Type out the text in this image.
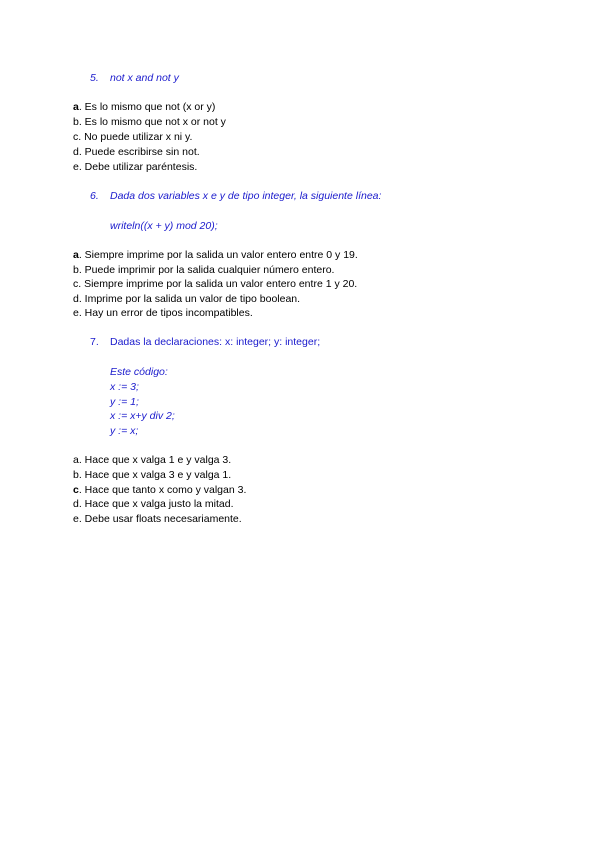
5. not x and not y
a. Es lo mismo que not (x or y)
b. Es lo mismo que not x or not y
c. No puede utilizar x ni y.
d. Puede escribirse sin not.
e. Debe utilizar paréntesis.
6. Dada dos variables x e y de tipo integer, la siguiente línea:
writeln((x + y) mod 20);
a. Siempre imprime por la salida un valor entero entre 0 y 19.
b. Puede imprimir por la salida cualquier número entero.
c. Siempre imprime por la salida un valor entero entre 1 y 20.
d. Imprime por la salida un valor de tipo boolean.
e. Hay un error de tipos incompatibles.
7. Dadas la declaraciones: x: integer; y: integer;
Este código:
x := 3;
y := 1;
x := x+y div 2;
y := x;
a. Hace que x valga 1 e y valga 3.
b. Hace que x valga 3 e y valga 1.
c. Hace que tanto x como y valgan 3.
d. Hace que x valga justo la mitad.
e. Debe usar floats necesariamente.
